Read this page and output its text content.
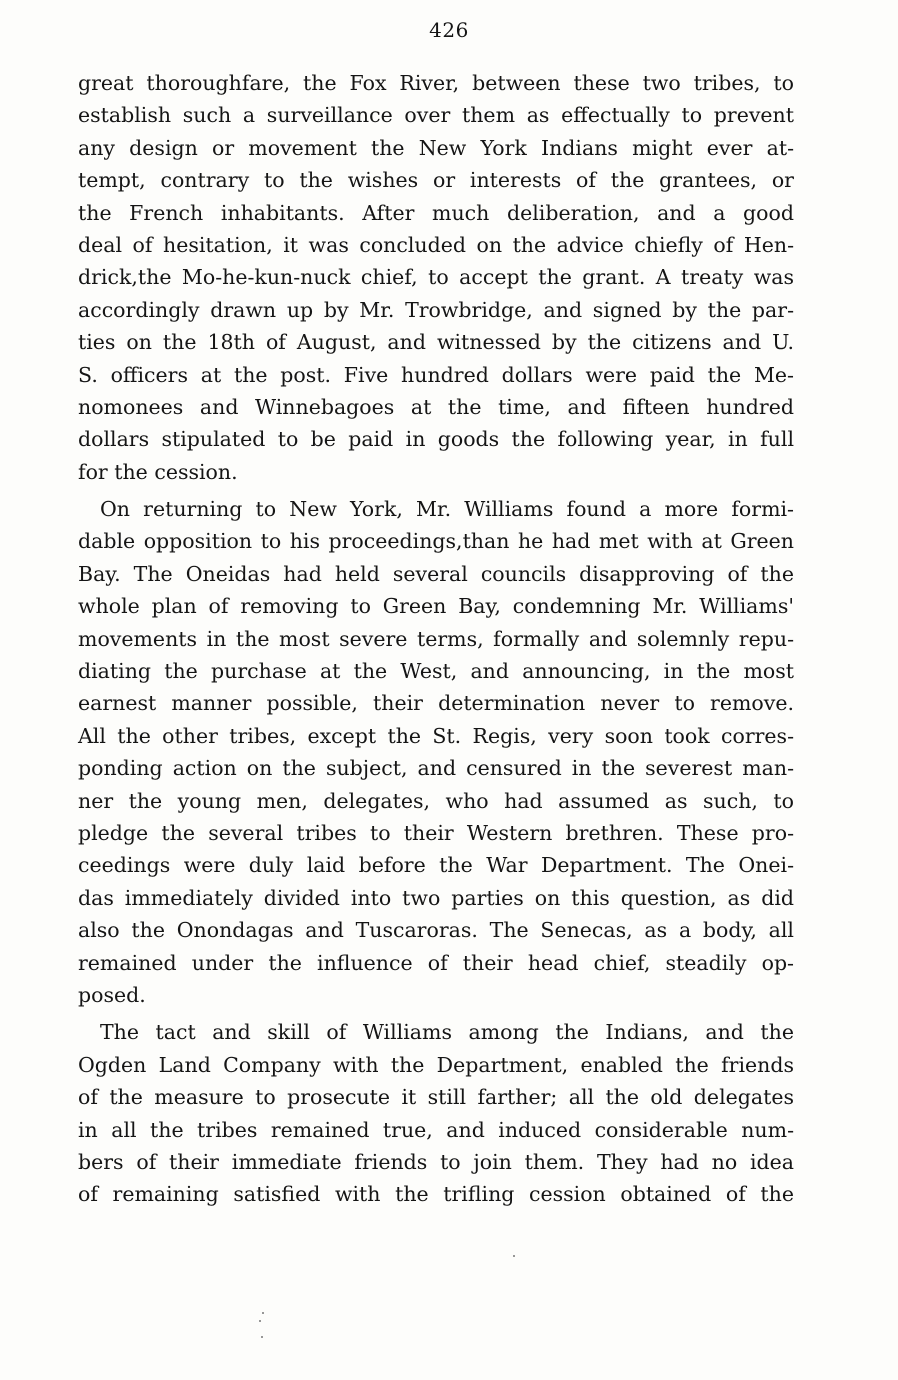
426
great thoroughfare, the Fox River, between these two tribes, to
establish such a surveillance over them as effectually to prevent
any design or movement the New York Indians might ever at-
tempt, contrary to the wishes or interests of the grantees, or
the French inhabitants. After much deliberation, and a good
deal of hesitation, it was concluded on the advice chiefly of Hen-
drick,the Mo-he-kun-nuck chief, to accept the grant. A treaty was
accordingly drawn up by Mr. Trowbridge, and signed by the par-
ties on the 18th of August, and witnessed by the citizens and U.
S. officers at the post. Five hundred dollars were paid the Me-
nomonees and Winnebagoes at the time, and fifteen hundred
dollars stipulated to be paid in goods the following year, in full
for the cession.
On returning to New York, Mr. Williams found a more formi-
dable opposition to his proceedings,than he had met with at Green
Bay. The Oneidas had held several councils disapproving of the
whole plan of removing to Green Bay, condemning Mr. Williams'
movements in the most severe terms, formally and solemnly repu-
diating the purchase at the West, and announcing, in the most
earnest manner possible, their determination never to remove.
All the other tribes, except the St. Regis, very soon took corres-
ponding action on the subject, and censured in the severest man-
ner the young men, delegates, who had assumed as such, to
pledge the several tribes to their Western brethren. These pro-
ceedings were duly laid before the War Department. The Onei-
das immediately divided into two parties on this question, as did
also the Onondagas and Tuscaroras. The Senecas, as a body, all
remained under the influence of their head chief, steadily op-
posed.
The tact and skill of Williams among the Indians, and the
Ogden Land Company with the Department, enabled the friends
of the measure to prosecute it still farther; all the old delegates
in all the tribes remained true, and induced considerable num-
bers of their immediate friends to join them. They had no idea
of remaining satisfied with the trifling cession obtained of the
